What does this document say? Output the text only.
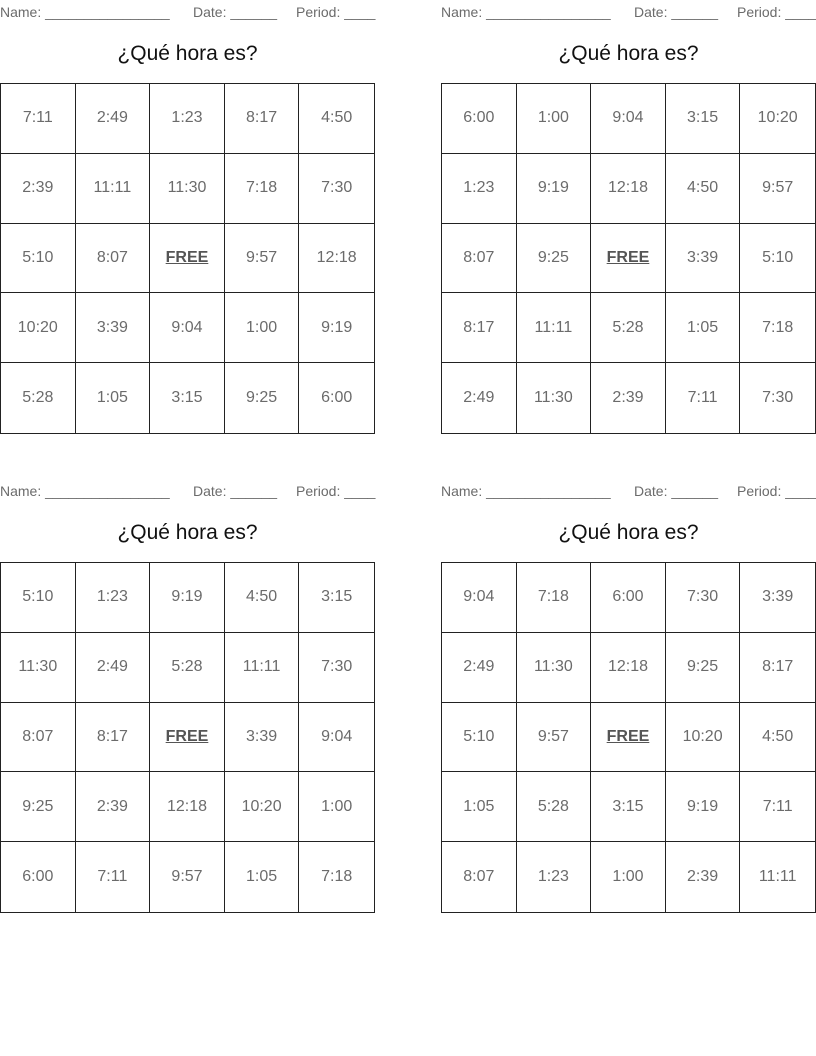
Name: ________________ Date: ______ Period: ____
¿Qué hora es?
7:11	2:49	1:23	8:17	4:50
2:39	11:11	11:30	7:18	7:30
5:10	8:07	FREE	9:57	12:18
10:20	3:39	9:04	1:00	9:19
5:28	1:05	3:15	9:25	6:00
Name: ________________ Date: ______ Period: ____
¿Qué hora es?
6:00	1:00	9:04	3:15	10:20
1:23	9:19	12:18	4:50	9:57
8:07	9:25	FREE	3:39	5:10
8:17	11:11	5:28	1:05	7:18
2:49	11:30	2:39	7:11	7:30
Name: ________________ Date: ______ Period: ____
¿Qué hora es?
5:10	1:23	9:19	4:50	3:15
11:30	2:49	5:28	11:11	7:30
8:07	8:17	FREE	3:39	9:04
9:25	2:39	12:18	10:20	1:00
6:00	7:11	9:57	1:05	7:18
Name: ________________ Date: ______ Period: ____
¿Qué hora es?
9:04	7:18	6:00	7:30	3:39
2:49	11:30	12:18	9:25	8:17
5:10	9:57	FREE	10:20	4:50
1:05	5:28	3:15	9:19	7:11
8:07	1:23	1:00	2:39	11:11
